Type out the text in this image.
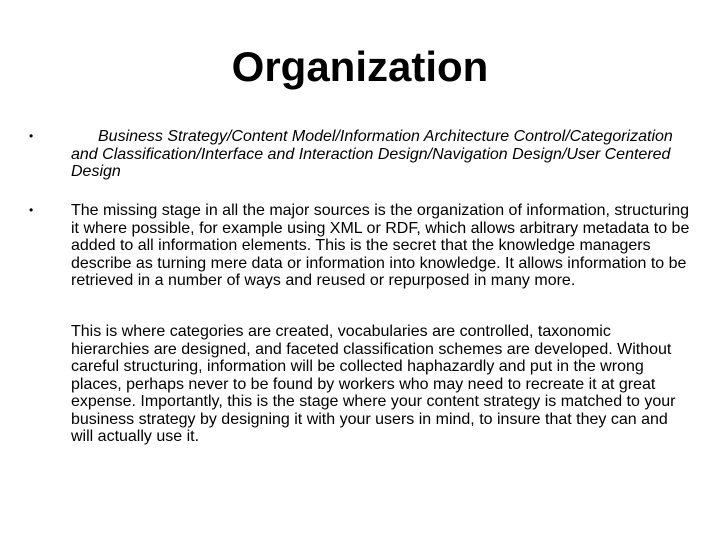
Organization
•	Business Strategy/Content Model/Information Architecture Control/Categorization and Classification/Interface and Interaction Design/Navigation Design/User Centered Design

• The missing stage in all the major sources is the organization of information, structuring it where possible, for example using XML or RDF, which allows arbitrary metadata to be added to all information elements. This is the secret that the knowledge managers describe as turning mere data or information into knowledge. It allows information to be retrieved in a number of ways and reused or repurposed in many more.

This is where categories are created, vocabularies are controlled, taxonomic hierarchies are designed, and faceted classification schemes are developed. Without careful structuring, information will be collected haphazardly and put in the wrong places, perhaps never to be found by workers who may need to recreate it at great expense. Importantly, this is the stage where your content strategy is matched to your business strategy by designing it with your users in mind, to insure that they can and will actually use it.
